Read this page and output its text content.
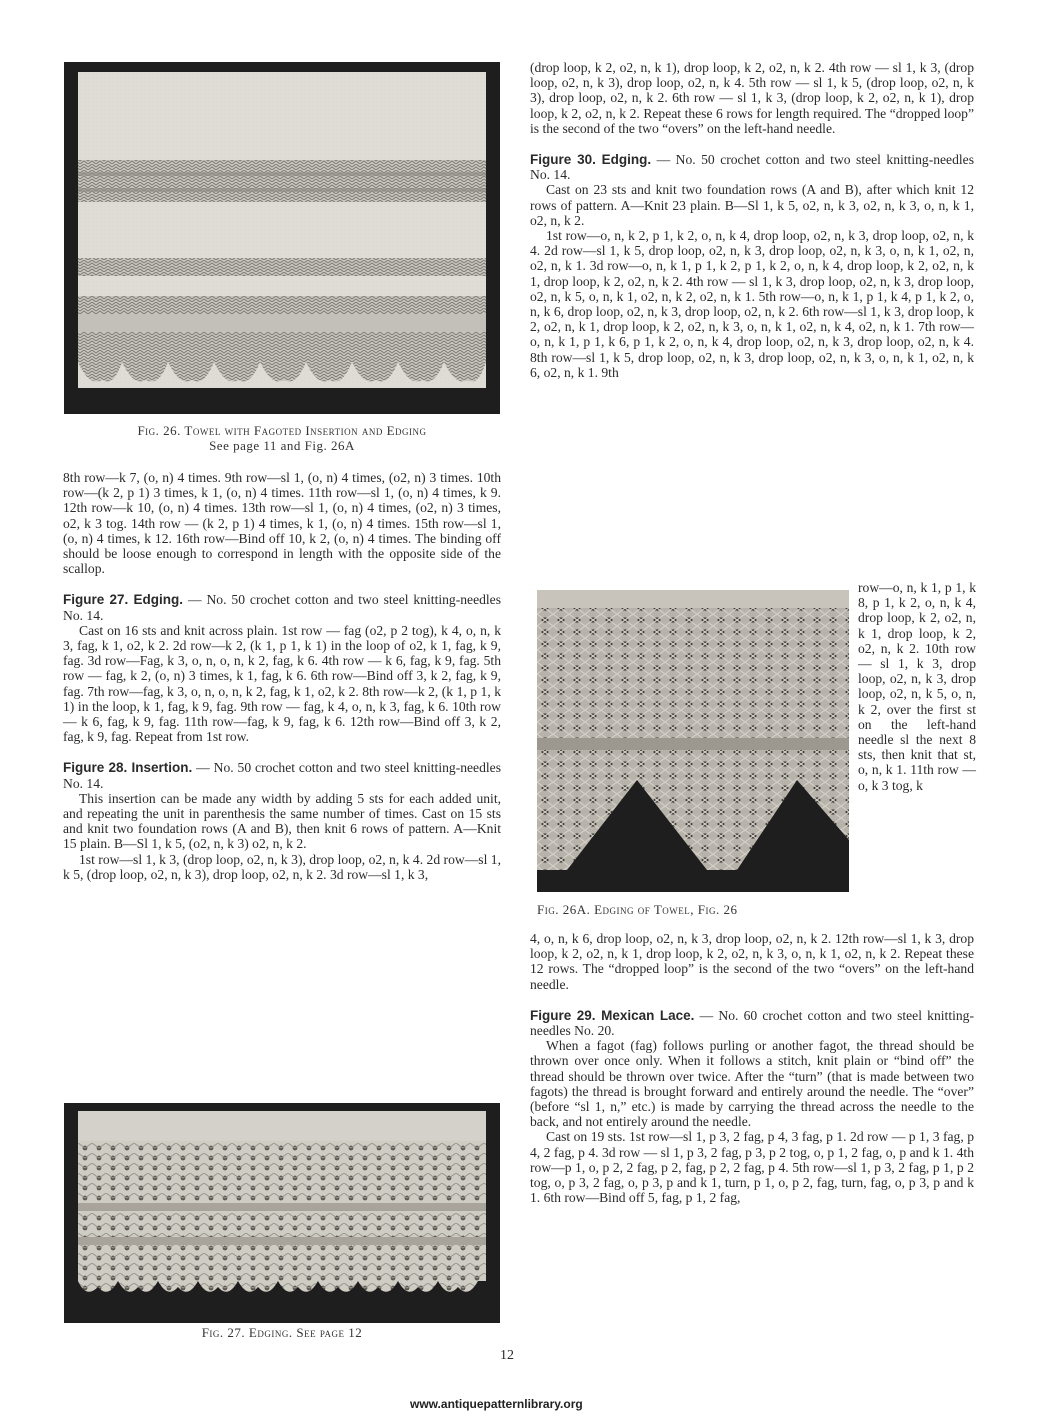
Fig. 26. Towel with Fagoted Insertion and Edging
See page 11 and Fig. 26A

8th row—k 7, (o, n) 4 times. 9th row—sl 1, (o, n) 4 times, (o2, n) 3 times. 10th row—(k 2, p 1) 3 times, k 1, (o, n) 4 times. 11th row—sl 1, (o, n) 4 times, k 9. 12th row—k 10, (o, n) 4 times. 13th row—sl 1, (o, n) 4 times, (o2, n) 3 times, o2, k 3 tog. 14th row — (k 2, p 1) 4 times, k 1, (o, n) 4 times. 15th row—sl 1, (o, n) 4 times, k 12. 16th row—Bind off 10, k 2, (o, n) 4 times. The binding off should be loose enough to correspond in length with the opposite side of the scallop.

Figure 27. Edging. — No. 50 crochet cotton and two steel knitting-needles No. 14.

Cast on 16 sts and knit across plain. 1st row — fag (o2, p 2 tog), k 4, o, n, k 3, fag, k 1, o2, k 2. 2d row—k 2, (k 1, p 1, k 1) in the loop of o2, k 1, fag, k 9, fag. 3d row—Fag, k 3, o, n, o, n, k 2, fag, k 6. 4th row — k 6, fag, k 9, fag. 5th row — fag, k 2, (o, n) 3 times, k 1, fag, k 6. 6th row—Bind off 3, k 2, fag, k 9, fag. 7th row—fag, k 3, o, n, o, n, k 2, fag, k 1, o2, k 2. 8th row—k 2, (k 1, p 1, k 1) in the loop, k 1, fag, k 9, fag. 9th row — fag, k 4, o, n, k 3, fag, k 6. 10th row — k 6, fag, k 9, fag. 11th row—fag, k 9, fag, k 6. 12th row—Bind off 3, k 2, fag, k 9, fag. Repeat from 1st row.

Figure 28. Insertion. — No. 50 crochet cotton and two steel knitting-needles No. 14.

This insertion can be made any width by adding 5 sts for each added unit, and repeating the unit in parenthesis the same number of times. Cast on 15 sts and knit two foundation rows (A and B), then knit 6 rows of pattern. A—Knit 15 plain. B—Sl 1, k 5, (o2, n, k 3) o2, n, k 2.

1st row—sl 1, k 3, (drop loop, o2, n, k 3), drop loop, o2, n, k 4. 2d row—sl 1, k 5, (drop loop, o2, n, k 3), drop loop, o2, n, k 2. 3d row—sl 1, k 3,

Fig. 27. Edging. See page 12

(drop loop, k 2, o2, n, k 1), drop loop, k 2, o2, n, k 2. 4th row — sl 1, k 3, (drop loop, o2, n, k 3), drop loop, o2, n, k 4. 5th row — sl 1, k 5, (drop loop, o2, n, k 3), drop loop, o2, n, k 2. 6th row — sl 1, k 3, (drop loop, k 2, o2, n, k 1), drop loop, k 2, o2, n, k 2. Repeat these 6 rows for length required. The “dropped loop” is the second of the two “overs” on the left-hand needle.

Figure 30. Edging. — No. 50 crochet cotton and two steel knitting-needles No. 14.

Cast on 23 sts and knit two foundation rows (A and B), after which knit 12 rows of pattern. A—Knit 23 plain. B—Sl 1, k 5, o2, n, k 3, o2, n, k 3, o, n, k 1, o2, n, k 2.

1st row—o, n, k 2, p 1, k 2, o, n, k 4, drop loop, o2, n, k 3, drop loop, o2, n, k 4. 2d row—sl 1, k 5, drop loop, o2, n, k 3, drop loop, o2, n, k 3, o, n, k 1, o2, n, o2, n, k 1. 3d row—o, n, k 1, p 1, k 2, p 1, k 2, o, n, k 4, drop loop, k 2, o2, n, k 1, drop loop, k 2, o2, n, k 2. 4th row — sl 1, k 3, drop loop, o2, n, k 3, drop loop, o2, n, k 5, o, n, k 1, o2, n, k 2, o2, n, k 1. 5th row—o, n, k 1, p 1, k 4, p 1, k 2, o, n, k 6, drop loop, o2, n, k 3, drop loop, o2, n, k 2. 6th row—sl 1, k 3, drop loop, k 2, o2, n, k 1, drop loop, k 2, o2, n, k 3, o, n, k 1, o2, n, k 4, o2, n, k 1. 7th row—o, n, k 1, p 1, k 6, p 1, k 2, o, n, k 4, drop loop, o2, n, k 3, drop loop, o2, n, k 4. 8th row—sl 1, k 5, drop loop, o2, n, k 3, drop loop, o2, n, k 3, o, n, k 1, o2, n, k 6, o2, n, k 1. 9th

row—o, n, k 1, p 1, k 8, p 1, k 2, o, n, k 4, drop loop, k 2, o2, n, k 1, drop loop, k 2, o2, n, k 2. 10th row — sl 1, k 3, drop loop, o2, n, k 3, drop loop, o2, n, k 5, o, n, k 2, over the first st on the left-hand needle sl the next 8 sts, then knit that st, o, n, k 1. 11th row — o, k 3 tog, k
Fig. 26A. Edging of Towel, Fig. 26

4, o, n, k 6, drop loop, o2, n, k 3, drop loop, o2, n, k 2. 12th row—sl 1, k 3, drop loop, k 2, o2, n, k 1, drop loop, k 2, o2, n, k 3, o, n, k 1, o2, n, k 2. Repeat these 12 rows. The “dropped loop” is the second of the two “overs” on the left-hand needle.

Figure 29. Mexican Lace. — No. 60 crochet cotton and two steel knitting-needles No. 20.

When a fagot (fag) follows purling or another fagot, the thread should be thrown over once only. When it follows a stitch, knit plain or “bind off” the thread should be thrown over twice. After the “turn” (that is made between two fagots) the thread is brought forward and entirely around the needle. The “over” (before “sl 1, n,” etc.) is made by carrying the thread across the needle to the back, and not entirely around the needle.

Cast on 19 sts. 1st row—sl 1, p 3, 2 fag, p 4, 3 fag, p 1. 2d row — p 1, 3 fag, p 4, 2 fag, p 4. 3d row — sl 1, p 3, 2 fag, p 3, p 2 tog, o, p 1, 2 fag, o, p and k 1. 4th row—p 1, o, p 2, 2 fag, p 2, fag, p 2, 2 fag, p 4. 5th row—sl 1, p 3, 2 fag, p 1, p 2 tog, o, p 3, 2 fag, o, p 3, p and k 1, turn, p 1, o, p 2, fag, turn, fag, o, p 3, p and k 1. 6th row—Bind off 5, fag, p 1, 2 fag,

12
www.antiquepatternlibrary.org
